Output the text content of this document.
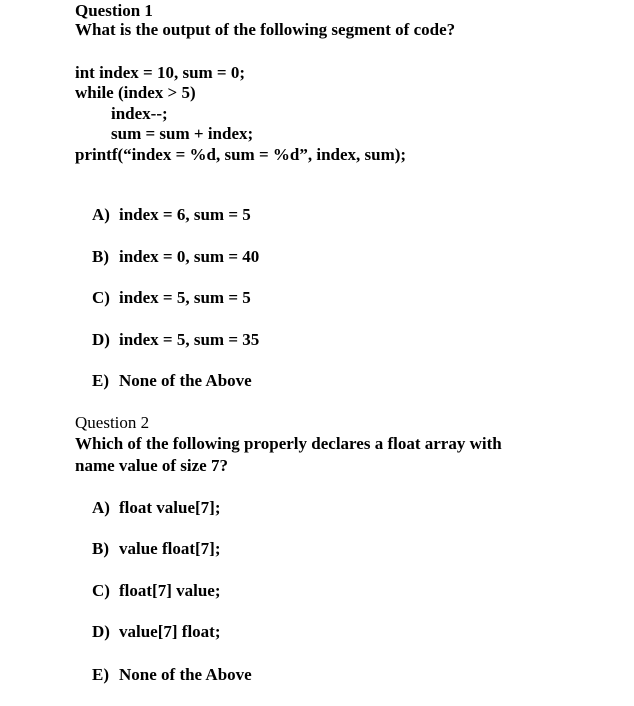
Question 1
What is the output of the following segment of code?
int index = 10, sum = 0;
while (index > 5)
index--;
sum = sum + index;
printf(“index = %d, sum = %d”, index, sum);

A) index = 6, sum = 5

B) index = 0, sum = 40

C) index = 5, sum = 5

D) index = 5, sum = 35

E) None of the Above

Question 2
Which of the following properly declares a float array with
name value of size 7?

A) float value[7];

B) value float[7];

C) float[7] value;

D) value[7] float;

E) None of the Above
